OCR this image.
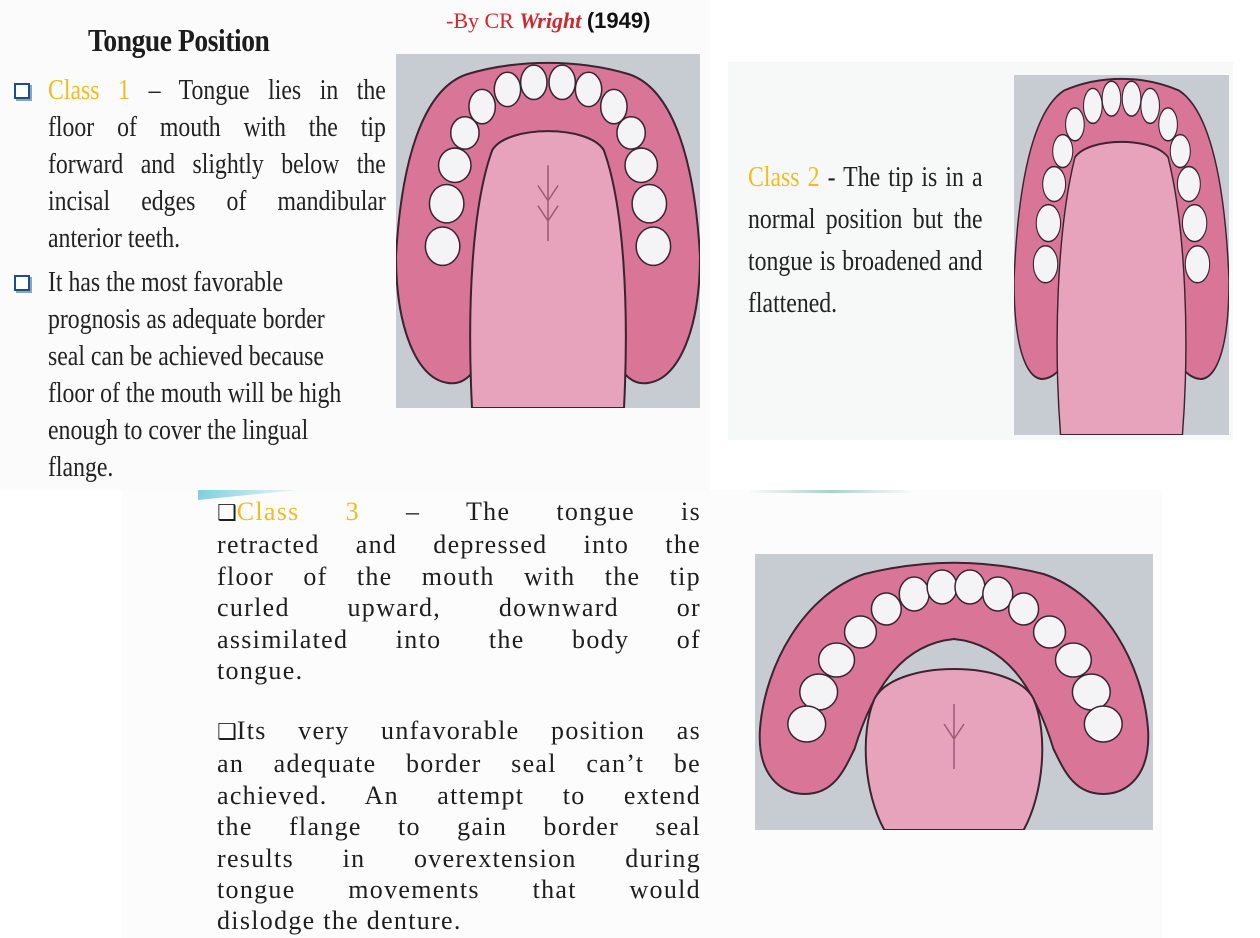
Tongue Position
-By CR Wright (1949)
Class 1 – Tongue lies in the
floor of mouth with the tip
forward and slightly below the
incisal edges of mandibular
anterior teeth.
It has the most favorable
prognosis as adequate border
seal can be achieved because
floor of the mouth will be high
enough to cover the lingual
flange.
Class 2 - The tip is in a
normal position but the
tongue is broadened and
flattened.
❑Class 3 – The tongue is
retracted and depressed into the
floor of the mouth with the tip
curled upward, downward or
assimilated into the body of
tongue.
❑Its very unfavorable position as
an adequate border seal can’t be
achieved. An attempt to extend
the flange to gain border seal
results in overextension during
tongue movements that would
dislodge the denture.
